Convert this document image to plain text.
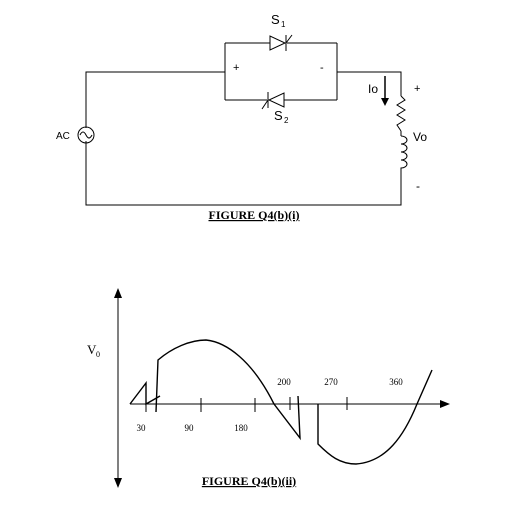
S 1
S 2
+	-
AC
Io	+
Vo
-
FIGURE Q4(b)(i)
V 0
200	270	360
30	90	180
FIGURE Q4(b)(ii)
